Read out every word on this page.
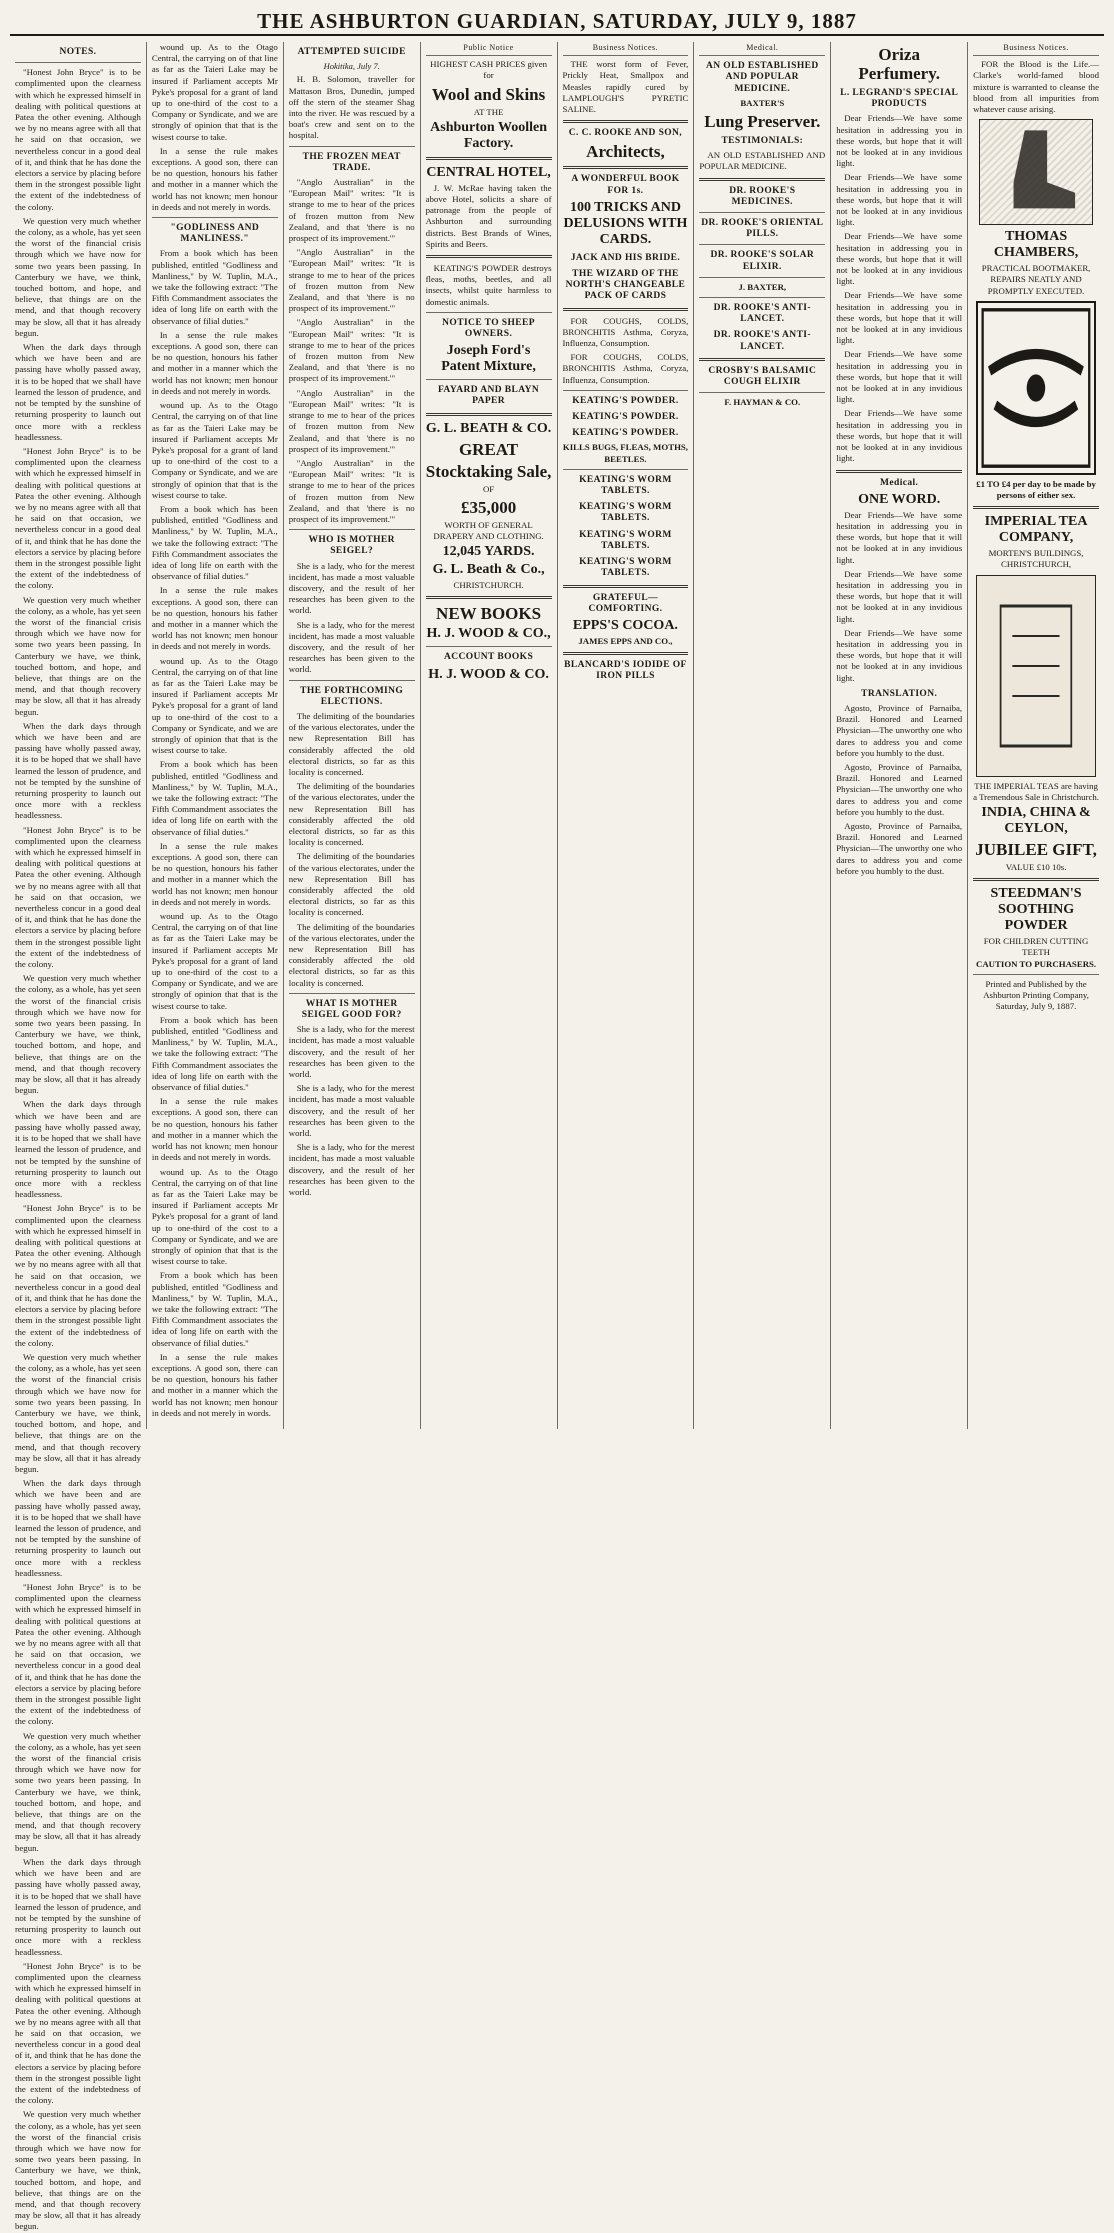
THE ASHBURTON GUARDIAN, SATURDAY, JULY 9, 1887
NOTES.

"Honest John Bryce" is to be complimented upon the clearness with which he expressed himself in dealing with political questions at Patea the other evening. Although we by no means agree with all that he said on that occasion, we nevertheless concur in a good deal of it, and think that he has done the electors a service by placing before them in the strongest possible light the extent of the indebtedness of the colony.

We question very much whether the colony, as a whole, has yet seen the worst of the financial crisis through which we have now for some two years been passing. In Canterbury we have, we think, touched bottom, and hope, and believe, that things are on the mend, and that though recovery may be slow, all that it has already begun.

When the dark days through which we have been and are passing have wholly passed away, it is to be hoped that we shall have learned the lesson of prudence, and not be tempted by the sunshine of returning prosperity to launch out once more with a reckless headlessness.

"Honest John Bryce" is to be complimented upon the clearness with which he expressed himself in dealing with political questions at Patea the other evening. Although we by no means agree with all that he said on that occasion, we nevertheless concur in a good deal of it, and think that he has done the electors a service by placing before them in the strongest possible light the extent of the indebtedness of the colony.

We question very much whether the colony, as a whole, has yet seen the worst of the financial crisis through which we have now for some two years been passing. In Canterbury we have, we think, touched bottom, and hope, and believe, that things are on the mend, and that though recovery may be slow, all that it has already begun.

When the dark days through which we have been and are passing have wholly passed away, it is to be hoped that we shall have learned the lesson of prudence, and not be tempted by the sunshine of returning prosperity to launch out once more with a reckless headlessness.

"Honest John Bryce" is to be complimented upon the clearness with which he expressed himself in dealing with political questions at Patea the other evening. Although we by no means agree with all that he said on that occasion, we nevertheless concur in a good deal of it, and think that he has done the electors a service by placing before them in the strongest possible light the extent of the indebtedness of the colony.

We question very much whether the colony, as a whole, has yet seen the worst of the financial crisis through which we have now for some two years been passing. In Canterbury we have, we think, touched bottom, and hope, and believe, that things are on the mend, and that though recovery may be slow, all that it has already begun.

When the dark days through which we have been and are passing have wholly passed away, it is to be hoped that we shall have learned the lesson of prudence, and not be tempted by the sunshine of returning prosperity to launch out once more with a reckless headlessness.

"Honest John Bryce" is to be complimented upon the clearness with which he expressed himself in dealing with political questions at Patea the other evening. Although we by no means agree with all that he said on that occasion, we nevertheless concur in a good deal of it, and think that he has done the electors a service by placing before them in the strongest possible light the extent of the indebtedness of the colony.

We question very much whether the colony, as a whole, has yet seen the worst of the financial crisis through which we have now for some two years been passing. In Canterbury we have, we think, touched bottom, and hope, and believe, that things are on the mend, and that though recovery may be slow, all that it has already begun.

When the dark days through which we have been and are passing have wholly passed away, it is to be hoped that we shall have learned the lesson of prudence, and not be tempted by the sunshine of returning prosperity to launch out once more with a reckless headlessness.

"Honest John Bryce" is to be complimented upon the clearness with which he expressed himself in dealing with political questions at Patea the other evening. Although we by no means agree with all that he said on that occasion, we nevertheless concur in a good deal of it, and think that he has done the electors a service by placing before them in the strongest possible light the extent of the indebtedness of the colony.

We question very much whether the colony, as a whole, has yet seen the worst of the financial crisis through which we have now for some two years been passing. In Canterbury we have, we think, touched bottom, and hope, and believe, that things are on the mend, and that though recovery may be slow, all that it has already begun.

When the dark days through which we have been and are passing have wholly passed away, it is to be hoped that we shall have learned the lesson of prudence, and not be tempted by the sunshine of returning prosperity to launch out once more with a reckless headlessness.

"Honest John Bryce" is to be complimented upon the clearness with which he expressed himself in dealing with political questions at Patea the other evening. Although we by no means agree with all that he said on that occasion, we nevertheless concur in a good deal of it, and think that he has done the electors a service by placing before them in the strongest possible light the extent of the indebtedness of the colony.

We question very much whether the colony, as a whole, has yet seen the worst of the financial crisis through which we have now for some two years been passing. In Canterbury we have, we think, touched bottom, and hope, and believe, that things are on the mend, and that though recovery may be slow, all that it has already begun.

wound up. As to the Otago Central, the carrying on of that line as far as the Taieri Lake may be insured if Parliament accepts Mr Pyke's proposal for a grant of land up to one-third of the cost to a Company or Syndicate, and we are strongly of opinion that that is the wisest course to take.

In a sense the rule makes exceptions. A good son, there can be no question, honours his father and mother in a manner which the world has not known; men honour in deeds and not merely in words.

"GODLINESS AND MANLINESS."

From a book which has been published, entitled "Godliness and Manliness," by W. Tuplin, M.A., we take the following extract: "The Fifth Commandment associates the idea of long life on earth with the observance of filial duties."

In a sense the rule makes exceptions. A good son, there can be no question, honours his father and mother in a manner which the world has not known; men honour in deeds and not merely in words.

wound up. As to the Otago Central, the carrying on of that line as far as the Taieri Lake may be insured if Parliament accepts Mr Pyke's proposal for a grant of land up to one-third of the cost to a Company or Syndicate, and we are strongly of opinion that that is the wisest course to take.

From a book which has been published, entitled "Godliness and Manliness," by W. Tuplin, M.A., we take the following extract: "The Fifth Commandment associates the idea of long life on earth with the observance of filial duties."

In a sense the rule makes exceptions. A good son, there can be no question, honours his father and mother in a manner which the world has not known; men honour in deeds and not merely in words.

wound up. As to the Otago Central, the carrying on of that line as far as the Taieri Lake may be insured if Parliament accepts Mr Pyke's proposal for a grant of land up to one-third of the cost to a Company or Syndicate, and we are strongly of opinion that that is the wisest course to take.

From a book which has been published, entitled "Godliness and Manliness," by W. Tuplin, M.A., we take the following extract: "The Fifth Commandment associates the idea of long life on earth with the observance of filial duties."

In a sense the rule makes exceptions. A good son, there can be no question, honours his father and mother in a manner which the world has not known; men honour in deeds and not merely in words.

wound up. As to the Otago Central, the carrying on of that line as far as the Taieri Lake may be insured if Parliament accepts Mr Pyke's proposal for a grant of land up to one-third of the cost to a Company or Syndicate, and we are strongly of opinion that that is the wisest course to take.

From a book which has been published, entitled "Godliness and Manliness," by W. Tuplin, M.A., we take the following extract: "The Fifth Commandment associates the idea of long life on earth with the observance of filial duties."

In a sense the rule makes exceptions. A good son, there can be no question, honours his father and mother in a manner which the world has not known; men honour in deeds and not merely in words.

wound up. As to the Otago Central, the carrying on of that line as far as the Taieri Lake may be insured if Parliament accepts Mr Pyke's proposal for a grant of land up to one-third of the cost to a Company or Syndicate, and we are strongly of opinion that that is the wisest course to take.

From a book which has been published, entitled "Godliness and Manliness," by W. Tuplin, M.A., we take the following extract: "The Fifth Commandment associates the idea of long life on earth with the observance of filial duties."

In a sense the rule makes exceptions. A good son, there can be no question, honours his father and mother in a manner which the world has not known; men honour in deeds and not merely in words.

ATTEMPTED SUICIDE
Hokitika, July 7.

H. B. Solomon, traveller for Mattason Bros, Dunedin, jumped off the stern of the steamer Shag into the river. He was rescued by a boat's crew and sent on to the hospital.

THE FROZEN MEAT TRADE.

"Anglo Australian" in the "European Mail" writes: "It is strange to me to hear of the prices of frozen mutton from New Zealand, and that 'there is no prospect of its improvement.'"

"Anglo Australian" in the "European Mail" writes: "It is strange to me to hear of the prices of frozen mutton from New Zealand, and that 'there is no prospect of its improvement.'"

"Anglo Australian" in the "European Mail" writes: "It is strange to me to hear of the prices of frozen mutton from New Zealand, and that 'there is no prospect of its improvement.'"

"Anglo Australian" in the "European Mail" writes: "It is strange to me to hear of the prices of frozen mutton from New Zealand, and that 'there is no prospect of its improvement.'"

"Anglo Australian" in the "European Mail" writes: "It is strange to me to hear of the prices of frozen mutton from New Zealand, and that 'there is no prospect of its improvement.'"

WHO IS MOTHER SEIGEL?

She is a lady, who for the merest incident, has made a most valuable discovery, and the result of her researches has been given to the world.

She is a lady, who for the merest incident, has made a most valuable discovery, and the result of her researches has been given to the world.

THE FORTHCOMING ELECTIONS.

The delimiting of the boundaries of the various electorates, under the new Representation Bill has considerably affected the old electoral districts, so far as this locality is concerned.

The delimiting of the boundaries of the various electorates, under the new Representation Bill has considerably affected the old electoral districts, so far as this locality is concerned.

The delimiting of the boundaries of the various electorates, under the new Representation Bill has considerably affected the old electoral districts, so far as this locality is concerned.

The delimiting of the boundaries of the various electorates, under the new Representation Bill has considerably affected the old electoral districts, so far as this locality is concerned.

WHAT IS MOTHER SEIGEL GOOD FOR?

She is a lady, who for the merest incident, has made a most valuable discovery, and the result of her researches has been given to the world.

She is a lady, who for the merest incident, has made a most valuable discovery, and the result of her researches has been given to the world.

She is a lady, who for the merest incident, has made a most valuable discovery, and the result of her researches has been given to the world.

Public Notice
HIGHEST CASH PRICES given for
Wool and Skins
AT THE
Ashburton Woollen Factory.
CENTRAL HOTEL,

J. W. McRae having taken the above Hotel, solicits a share of patronage from the people of Ashburton and surrounding districts. Best Brands of Wines, Spirits and Beers.

KEATING'S POWDER destroys fleas, moths, beetles, and all insects, whilst quite harmless to domestic animals.

NOTICE TO SHEEP OWNERS.
Joseph Ford's Patent Mixture,
FAYARD AND BLAYN PAPER
G. L. BEATH & CO.
GREAT
Stocktaking Sale,
OF
£35,000
WORTH OF GENERAL DRAPERY AND CLOTHING.
12,045 YARDS.
G. L. Beath & Co.,
CHRISTCHURCH.
NEW BOOKS
H. J. WOOD & CO.,
ACCOUNT BOOKS
H. J. WOOD & CO.
Business Notices.

THE worst form of Fever, Prickly Heat, Smallpox and Measles rapidly cured by LAMPLOUGH'S PYRETIC SALINE.

C. C. ROOKE AND SON,
Architects,
A WONDERFUL BOOK FOR 1s.
100 TRICKS AND DELUSIONS WITH CARDS.
JACK AND HIS BRIDE.
THE WIZARD OF THE NORTH'S CHANGEABLE PACK OF CARDS

FOR COUGHS, COLDS, BRONCHITIS Asthma, Coryza, Influenza, Consumption.

FOR COUGHS, COLDS, BRONCHITIS Asthma, Coryza, Influenza, Consumption.

KEATING'S POWDER.
KEATING'S POWDER.
KEATING'S POWDER.
KILLS BUGS, FLEAS, MOTHS, BEETLES.
KEATING'S WORM TABLETS.
KEATING'S WORM TABLETS.
KEATING'S WORM TABLETS.
KEATING'S WORM TABLETS.
GRATEFUL—COMFORTING.
EPPS'S COCOA.
JAMES EPPS AND CO.,
BLANCARD'S IODIDE OF IRON PILLS
Medical.
AN OLD ESTABLISHED AND POPULAR MEDICINE.
BAXTER'S
Lung Preserver.
TESTIMONIALS:

AN OLD ESTABLISHED AND POPULAR MEDICINE.

DR. ROOKE'S MEDICINES.
DR. ROOKE'S ORIENTAL PILLS.
DR. ROOKE'S SOLAR ELIXIR.
J. BAXTER,
DR. ROOKE'S ANTI-LANCET.
DR. ROOKE'S ANTI-LANCET.
CROSBY'S BALSAMIC COUGH ELIXIR
F. HAYMAN & CO.
Oriza Perfumery.
L. LEGRAND'S SPECIAL PRODUCTS

Dear Friends—We have some hesitation in addressing you in these words, but hope that it will not be looked at in any invidious light.

Dear Friends—We have some hesitation in addressing you in these words, but hope that it will not be looked at in any invidious light.

Dear Friends—We have some hesitation in addressing you in these words, but hope that it will not be looked at in any invidious light.

Dear Friends—We have some hesitation in addressing you in these words, but hope that it will not be looked at in any invidious light.

Dear Friends—We have some hesitation in addressing you in these words, but hope that it will not be looked at in any invidious light.

Dear Friends—We have some hesitation in addressing you in these words, but hope that it will not be looked at in any invidious light.

Medical.
ONE WORD.

Dear Friends—We have some hesitation in addressing you in these words, but hope that it will not be looked at in any invidious light.

Dear Friends—We have some hesitation in addressing you in these words, but hope that it will not be looked at in any invidious light.

Dear Friends—We have some hesitation in addressing you in these words, but hope that it will not be looked at in any invidious light.

TRANSLATION.

Agosto, Province of Parnaiba, Brazil. Honored and Learned Physician—The unworthy one who dares to address you and come before you humbly to the dust.

Agosto, Province of Parnaiba, Brazil. Honored and Learned Physician—The unworthy one who dares to address you and come before you humbly to the dust.

Agosto, Province of Parnaiba, Brazil. Honored and Learned Physician—The unworthy one who dares to address you and come before you humbly to the dust.

Business Notices.

FOR the Blood is the Life.—Clarke's world-famed blood mixture is warranted to cleanse the blood from all impurities from whatever cause arising.

THOMAS CHAMBERS,
PRACTICAL BOOTMAKER,
REPAIRS NEATLY AND PROMPTLY EXECUTED.
£1 TO £4 per day to be made by persons of either sex.
IMPERIAL TEA COMPANY,
MORTEN'S BUILDINGS,
CHRISTCHURCH,
THE IMPERIAL TEAS are having a Tremendous Sale in Christchurch.
INDIA, CHINA & CEYLON,
JUBILEE GIFT,
VALUE £10 10s.
STEEDMAN'S SOOTHING POWDER
FOR CHILDREN CUTTING TEETH
CAUTION TO PURCHASERS.
Printed and Published by the Ashburton Printing Company, Saturday, July 9, 1887.
